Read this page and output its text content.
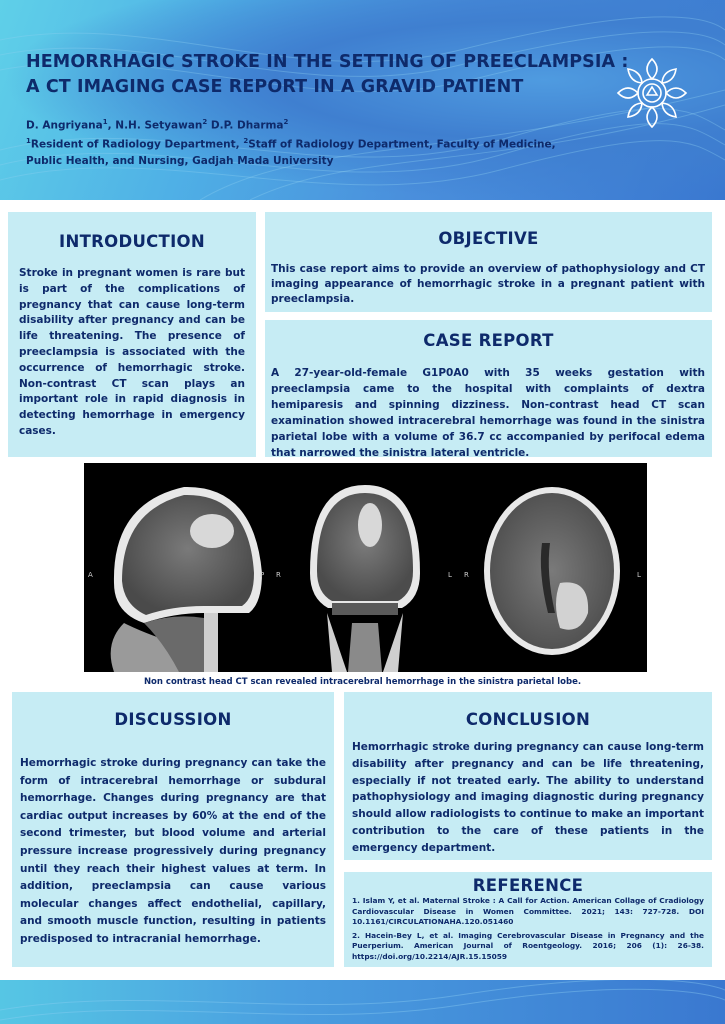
HEMORRHAGIC STROKE IN THE SETTING OF PREECLAMPSIA :
A CT IMAGING CASE REPORT IN A GRAVID PATIENT
D. Angriyana$^1$, N.H. Setyawan$^2$ D.P. Dharma$^2$
$^1$Resident of Radiology Department, $^2$Staff of Radiology Department, Faculty of Medicine, Public Health, and Nursing, Gadjah Mada University
INTRODUCTION
Stroke in pregnant women is rare but is part of the complications of pregnancy that can cause long-term disability after pregnancy and can be life threatening. The presence of preeclampsia is associated with the occurrence of hemorrhagic stroke. Non-contrast CT scan plays an important role in rapid diagnosis in detecting hemorrhage in emergency cases.
OBJECTIVE
This case report aims to provide an overview of pathophysiology and CT imaging appearance of hemorrhagic stroke in a pregnant patient with preeclampsia.
CASE REPORT
A 27-year-old-female G1P0A0 with 35 weeks gestation with preeclampsia came to the hospital with complaints of dextra hemiparesis and spinning dizziness. Non-contrast head CT scan examination showed intracerebral hemorrhage was found in the sinistra parietal lobe with a volume of 36.7 cc accompanied by perifocal edema that narrowed the sinistra lateral ventricle.
A	P R	L R	L
Non contrast head CT scan revealed intracerebral hemorrhage in the sinistra parietal lobe.
DISCUSSION
Hemorrhagic stroke during pregnancy can take the form of intracerebral hemorrhage or subdural hemorrhage. Changes during pregnancy are that cardiac output increases by 60% at the end of the second trimester, but blood volume and arterial pressure increase progressively during pregnancy until they reach their highest values at term. In addition, preeclampsia can cause various molecular changes affect endothelial, capillary, and smooth muscle function, resulting in patients predisposed to intracranial hemorrhage.
CONCLUSION
Hemorrhagic stroke during pregnancy can cause long-term disability after pregnancy and can be life threatening, especially if not treated early. The ability to understand pathophysiology and imaging diagnostic during pregnancy should allow radiologists to continue to make an important contribution to the care of these patients in the emergency department.
REFERENCE
1. Islam Y, et al. Maternal Stroke : A Call for Action. American Collage of Cradiology Cardiovascular Disease in Women Committee. 2021; 143: 727-728. DOI 10.1161/CIRCULATIONAHA.120.051460
2. Hacein-Bey L, et al. Imaging Cerebrovascular Disease in Pregnancy and the Puerperium. American Journal of Roentgeology. 2016; 206 (1): 26-38. https://doi.org/10.2214/AJR.15.15059
